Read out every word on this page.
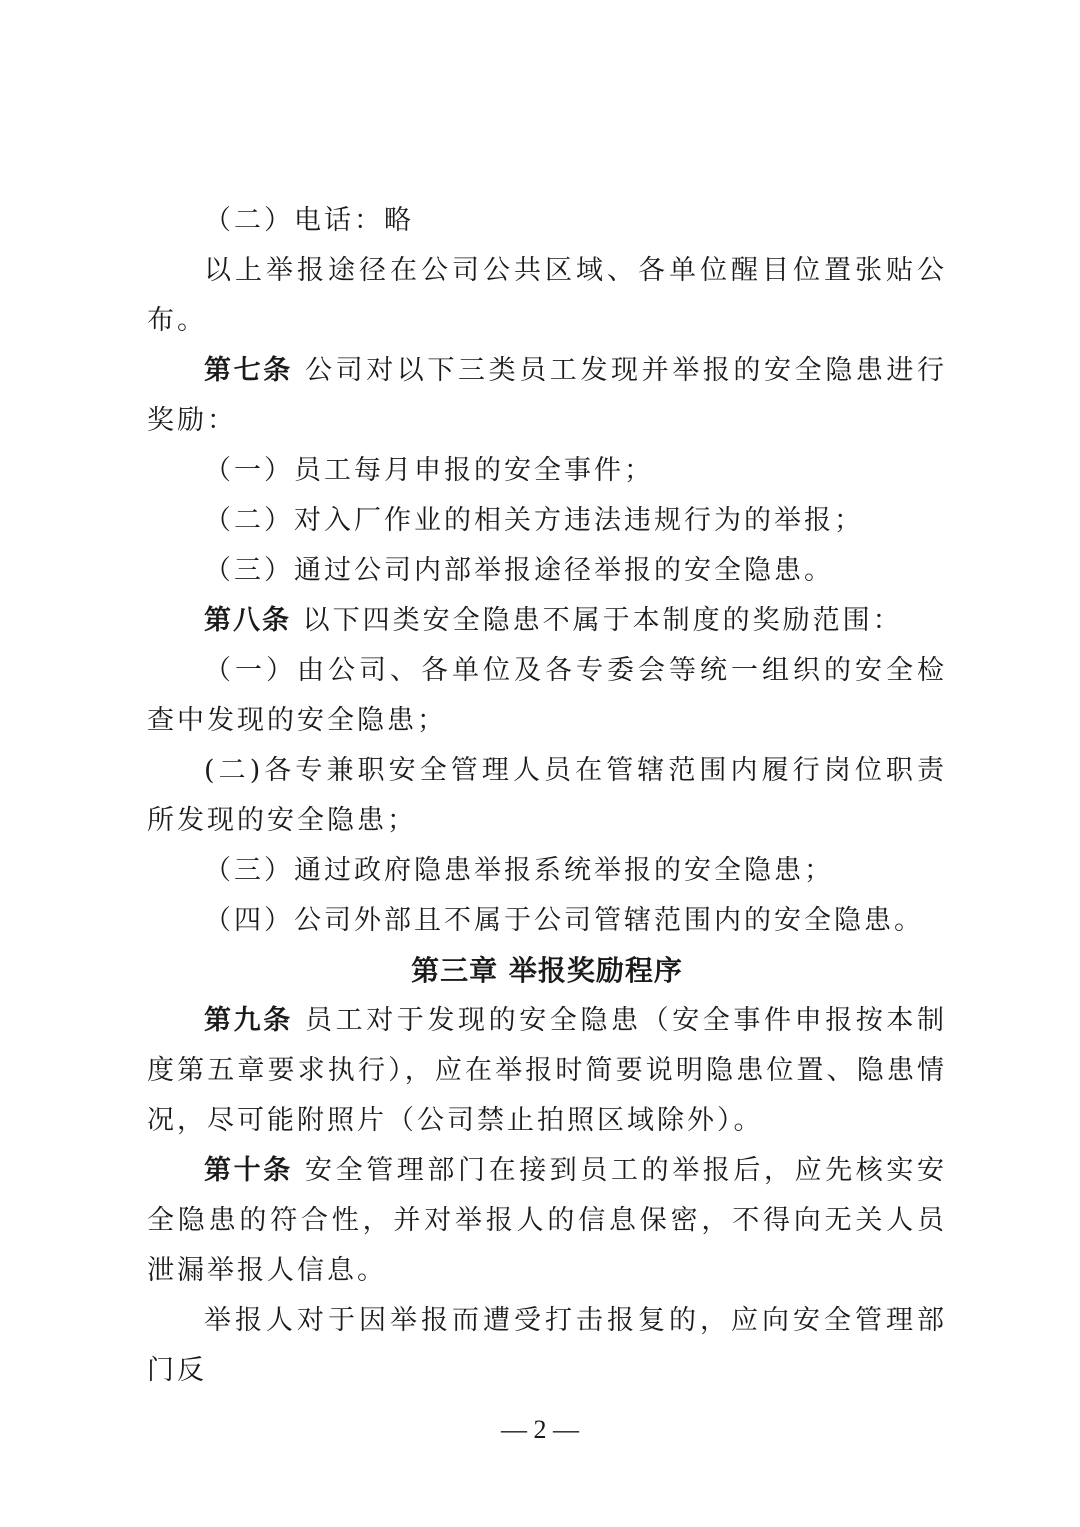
（二）电话：略

以上举报途径在公司公共区域、各单位醒目位置张贴公布。

第七条 公司对以下三类员工发现并举报的安全隐患进行奖励：

（一）员工每月申报的安全事件；

（二）对入厂作业的相关方违法违规行为的举报；

（三）通过公司内部举报途径举报的安全隐患。

第八条 以下四类安全隐患不属于本制度的奖励范围：

（一）由公司、各单位及各专委会等统一组织的安全检查中发现的安全隐患；

(二)各专兼职安全管理人员在管辖范围内履行岗位职责所发现的安全隐患；

（三）通过政府隐患举报系统举报的安全隐患；

（四）公司外部且不属于公司管辖范围内的安全隐患。

第三章 举报奖励程序

第九条 员工对于发现的安全隐患（安全事件申报按本制度第五章要求执行），应在举报时简要说明隐患位置、隐患情况，尽可能附照片（公司禁止拍照区域除外）。

第十条 安全管理部门在接到员工的举报后，应先核实安全隐患的符合性，并对举报人的信息保密，不得向无关人员泄漏举报人信息。

举报人对于因举报而遭受打击报复的，应向安全管理部门反

— 2 —
